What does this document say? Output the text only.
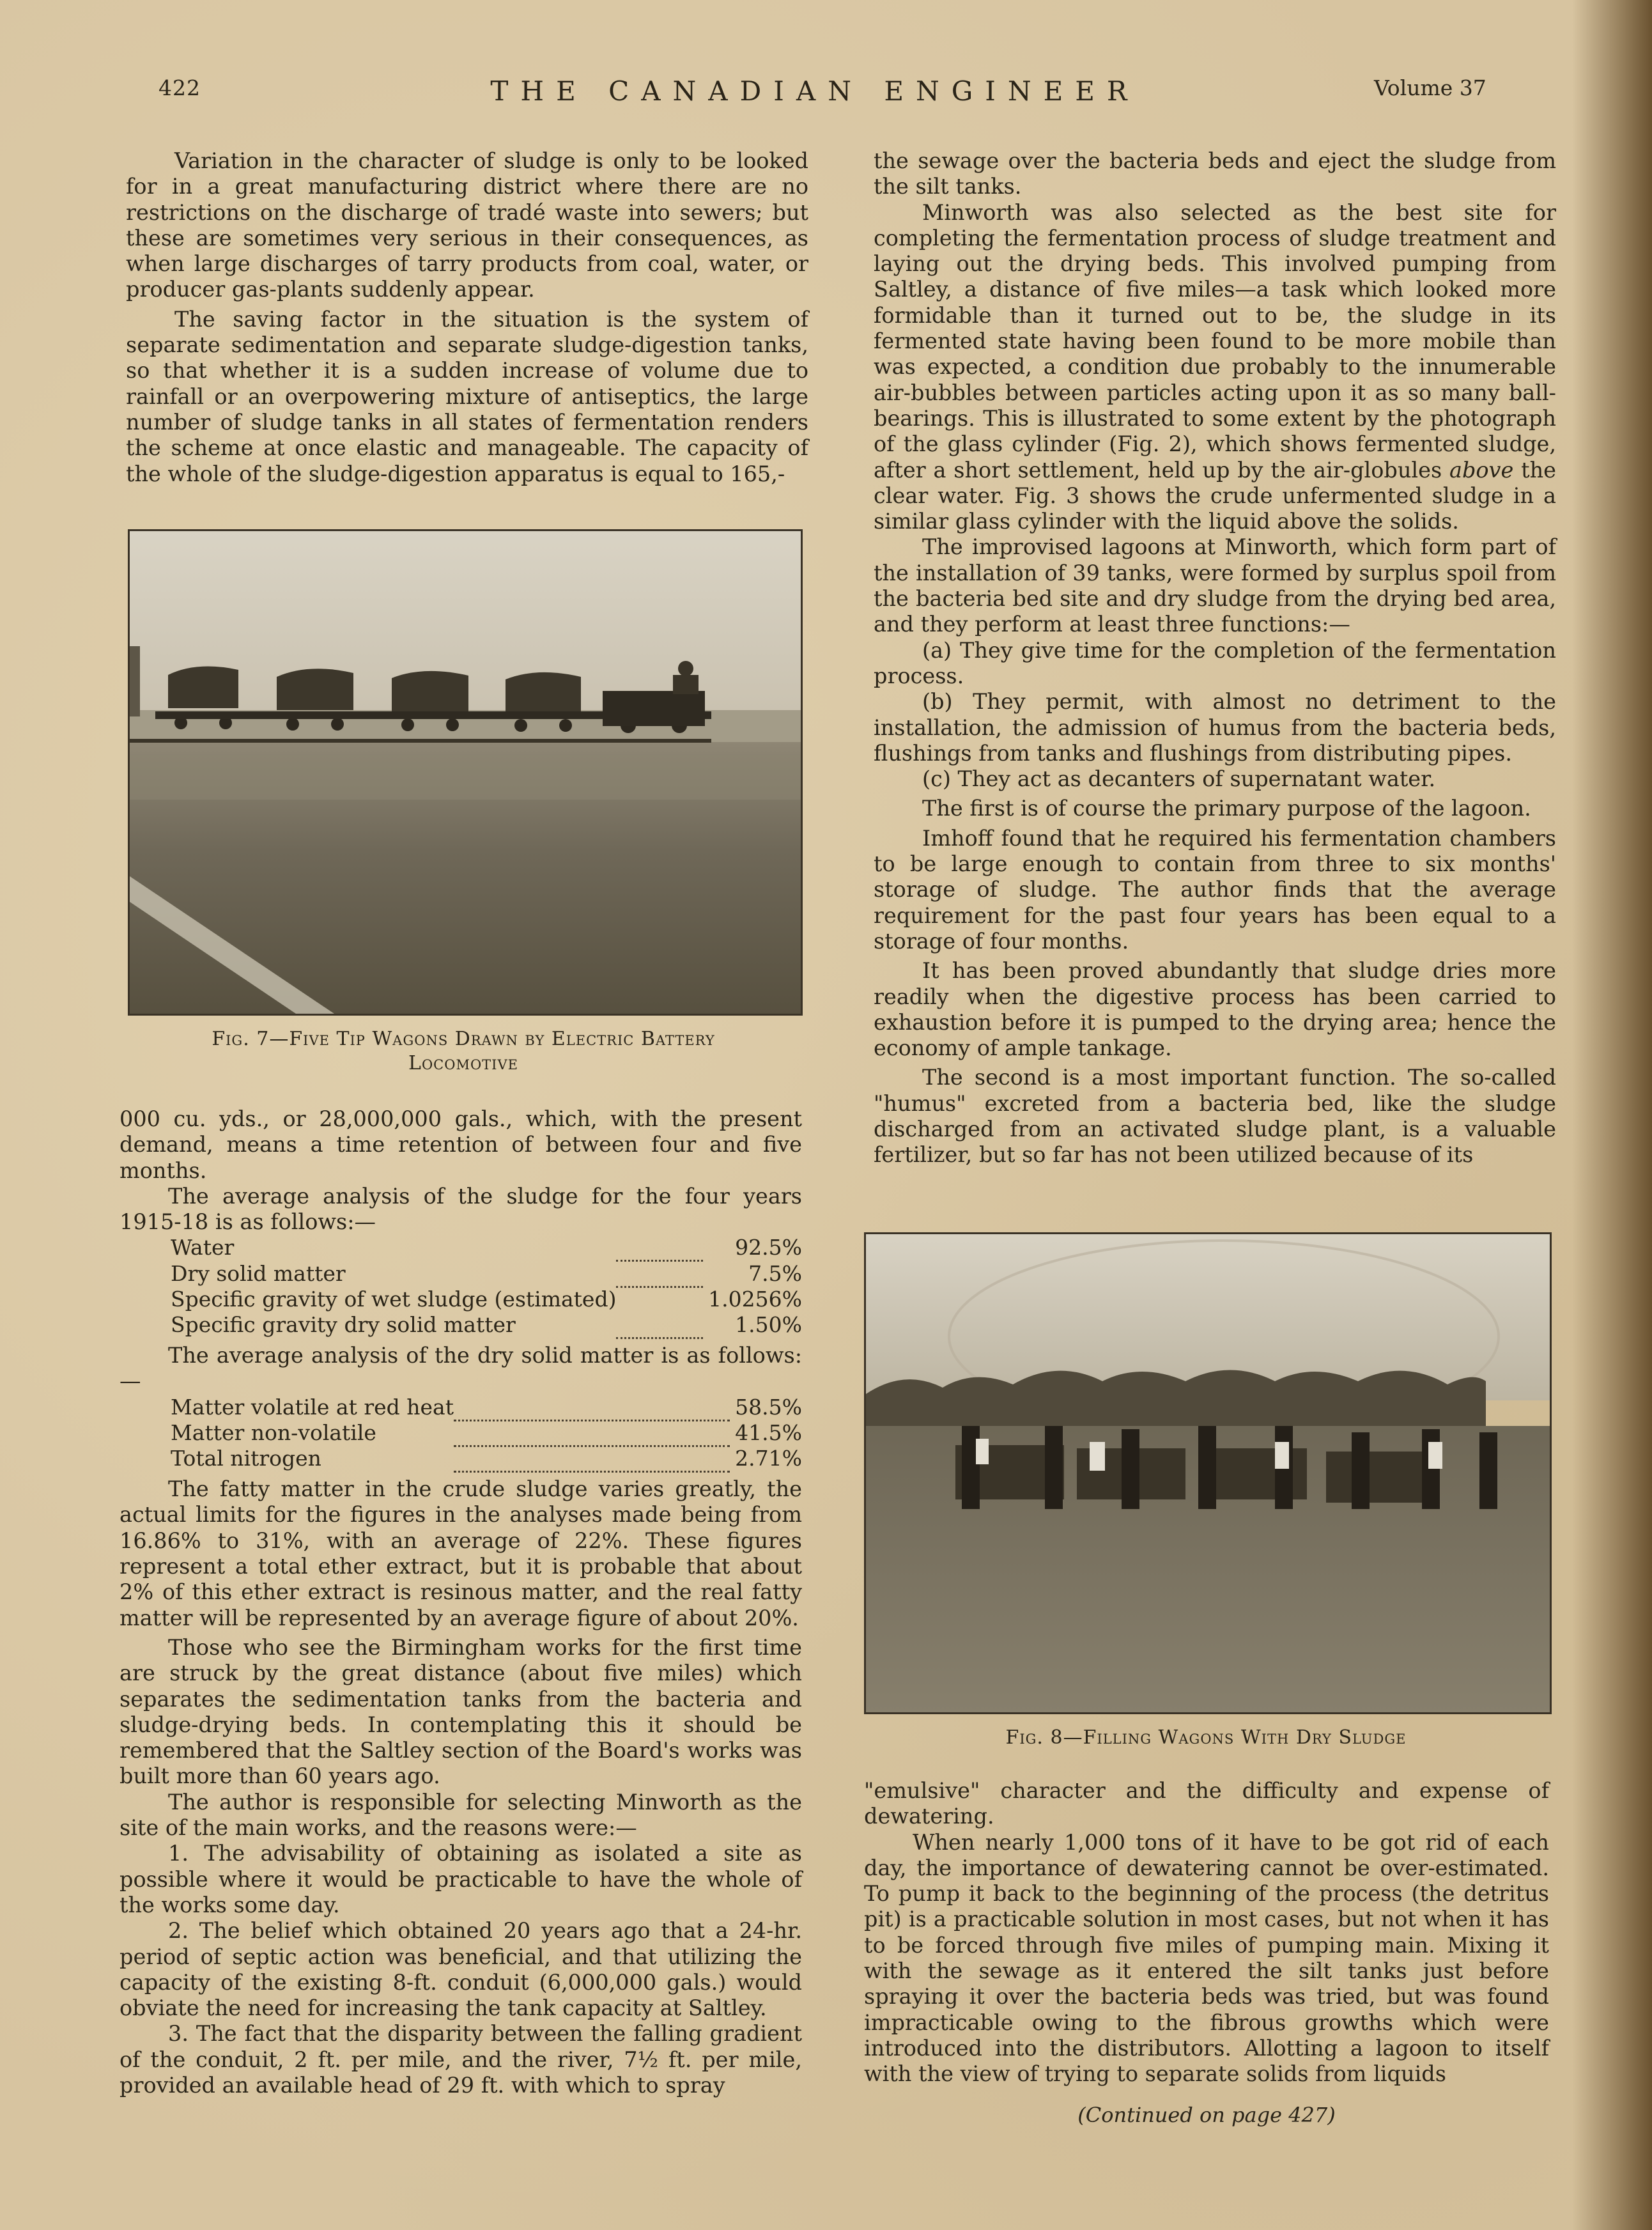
422	THE CANADIAN ENGINEER	Volume 37

Variation in the character of sludge is only to be looked for in a great manufacturing district where there are no restrictions on the discharge of tradé waste into sewers; but these are sometimes very serious in their consequences, as when large discharges of tarry products from coal, water, or producer gas-plants suddenly appear.

The saving factor in the situation is the system of separate sedimentation and separate sludge-digestion tanks, so that whether it is a sudden increase of volume due to rainfall or an overpowering mixture of antiseptics, the large number of sludge tanks in all states of fermentation renders the scheme at once elastic and manageable. The capacity of the whole of the sludge-digestion apparatus is equal to 165,-

Fig. 7—Five Tip Wagons Drawn by Electric Battery
Locomotive

000 cu. yds., or 28,000,000 gals., which, with the present demand, means a time retention of between four and five months.

The average analysis of the sludge for the four years 1915-18 is as follows:—

Water		92.5	%
Dry solid matter		7.5	%
Specific gravity of wet sludge (estimated)		1.0256	%
Specific gravity dry solid matter		1.50	%

The average analysis of the dry solid matter is as follows:—

Matter volatile at red heat		58.5	%
Matter non-volatile		41.5	%
Total nitrogen		2.71	%

The fatty matter in the crude sludge varies greatly, the actual limits for the figures in the analyses made being from 16.86% to 31%, with an average of 22%. These figures represent a total ether extract, but it is probable that about 2% of this ether extract is resinous matter, and the real fatty matter will be represented by an average figure of about 20%.

Those who see the Birmingham works for the first time are struck by the great distance (about five miles) which separates the sedimentation tanks from the bacteria and sludge-drying beds. In contemplating this it should be remembered that the Saltley section of the Board's works was built more than 60 years ago.

The author is responsible for selecting Minworth as the site of the main works, and the reasons were:—

1. The advisability of obtaining as isolated a site as possible where it would be practicable to have the whole of the works some day.

2. The belief which obtained 20 years ago that a 24-hr. period of septic action was beneficial, and that utilizing the capacity of the existing 8-ft. conduit (6,000,000 gals.) would obviate the need for increasing the tank capacity at Saltley.

3. The fact that the disparity between the falling gradient of the conduit, 2 ft. per mile, and the river, 7½ ft. per mile, provided an available head of 29 ft. with which to spray

the sewage over the bacteria beds and eject the sludge from the silt tanks.

Minworth was also selected as the best site for completing the fermentation process of sludge treatment and laying out the drying beds. This involved pumping from Saltley, a distance of five miles—a task which looked more formidable than it turned out to be, the sludge in its fermented state having been found to be more mobile than was expected, a condition due probably to the innumerable air-bubbles between particles acting upon it as so many ball-bearings. This is illustrated to some extent by the photograph of the glass cylinder (Fig. 2), which shows fermented sludge, after a short settlement, held up by the air-globules above the clear water. Fig. 3 shows the crude unfermented sludge in a similar glass cylinder with the liquid above the solids.

The improvised lagoons at Minworth, which form part of the installation of 39 tanks, were formed by surplus spoil from the bacteria bed site and dry sludge from the drying bed area, and they perform at least three functions:—

(a) They give time for the completion of the fermentation process.

(b) They permit, with almost no detriment to the installation, the admission of humus from the bacteria beds, flushings from tanks and flushings from distributing pipes.

(c) They act as decanters of supernatant water.

The first is of course the primary purpose of the lagoon.

Imhoff found that he required his fermentation chambers to be large enough to contain from three to six months' storage of sludge. The author finds that the average requirement for the past four years has been equal to a storage of four months.

It has been proved abundantly that sludge dries more readily when the digestive process has been carried to exhaustion before it is pumped to the drying area; hence the economy of ample tankage.

The second is a most important function. The so-called "humus" excreted from a bacteria bed, like the sludge discharged from an activated sludge plant, is a valuable fertilizer, but so far has not been utilized because of its

Fig. 8—Filling Wagons With Dry Sludge

"emulsive" character and the difficulty and expense of dewatering.

When nearly 1,000 tons of it have to be got rid of each day, the importance of dewatering cannot be over-estimated. To pump it back to the beginning of the process (the detritus pit) is a practicable solution in most cases, but not when it has to be forced through five miles of pumping main. Mixing it with the sewage as it entered the silt tanks just before spraying it over the bacteria beds was tried, but was found impracticable owing to the fibrous growths which were introduced into the distributors. Allotting a lagoon to itself with the view of trying to separate solids from liquids

(Continued on page 427)
